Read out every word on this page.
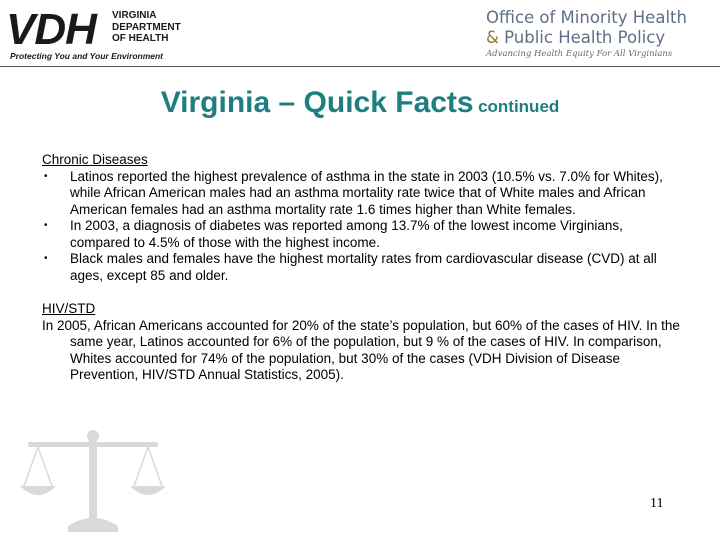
VDH VIRGINIA
DEPARTMENT
OF HEALTH
Protecting You and Your Environment
Office of Minority Health
& Public Health Policy
Advancing Health Equity For All Virginians
Virginia – Quick Facts continued
Chronic Diseases
• Latinos reported the highest prevalence of asthma in the state in 2003 (10.5% vs. 7.0% for Whites), while African American males had an asthma mortality rate twice that of White males and African American females had an asthma mortality rate 1.6 times higher than White females.
• In 2003, a diagnosis of diabetes was reported among 13.7% of the lowest income Virginians, compared to 4.5% of those with the highest income.
• Black males and females have the highest mortality rates from cardiovascular disease (CVD) at all ages, except 85 and older.
HIV/STD
In 2005, African Americans accounted for 20% of the state’s population, but 60% of the cases of HIV. In the same year, Latinos accounted for 6% of the population, but 9 % of the cases of HIV. In comparison, Whites accounted for 74% of the population, but 30% of the cases (VDH Division of Disease Prevention, HIV/STD Annual Statistics, 2005).
11
